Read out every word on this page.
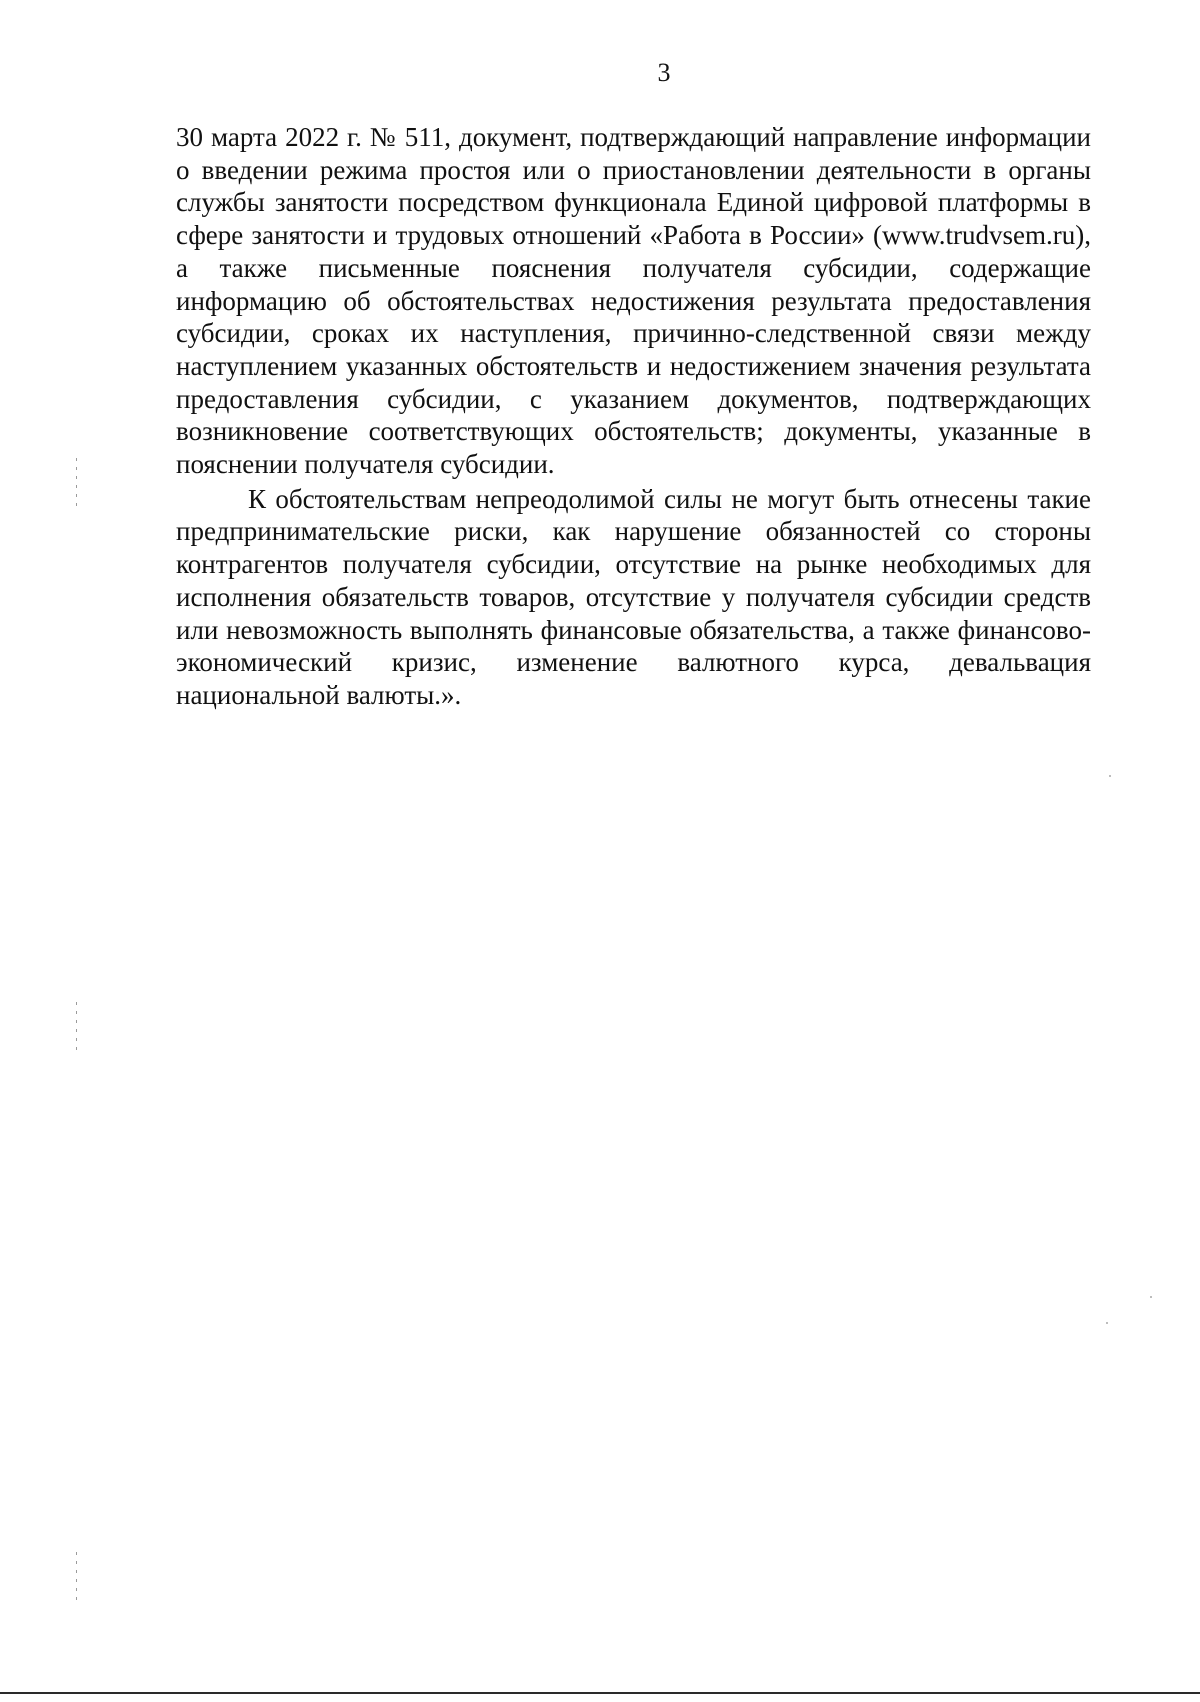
3

30 марта 2022 г. № 511, документ, подтверждающий направление информации о введении режима простоя или о приостановлении деятельности в органы службы занятости посредством функционала Единой цифровой платформы в сфере занятости и трудовых отношений «Работа в России» (www.trudvsem.ru), а также письменные пояснения получателя субсидии, содержащие информацию об обстоятельствах недостижения результата предоставления субсидии, сроках их наступления, причинно-следственной связи между наступлением указанных обстоятельств и недостижением значения результата предоставления субсидии, с указанием документов, подтверждающих возникновение соответствующих обстоятельств; документы, указанные в пояснении получателя субсидии.

К обстоятельствам непреодолимой силы не могут быть отнесены такие предпринимательские риски, как нарушение обязанностей со стороны контрагентов получателя субсидии, отсутствие на рынке необходимых для исполнения обязательств товаров, отсутствие у получателя субсидии средств или невозможность выполнять финансовые обязательства, а также финансово-экономический кризис, изменение валютного курса, девальвация национальной валюты.».
